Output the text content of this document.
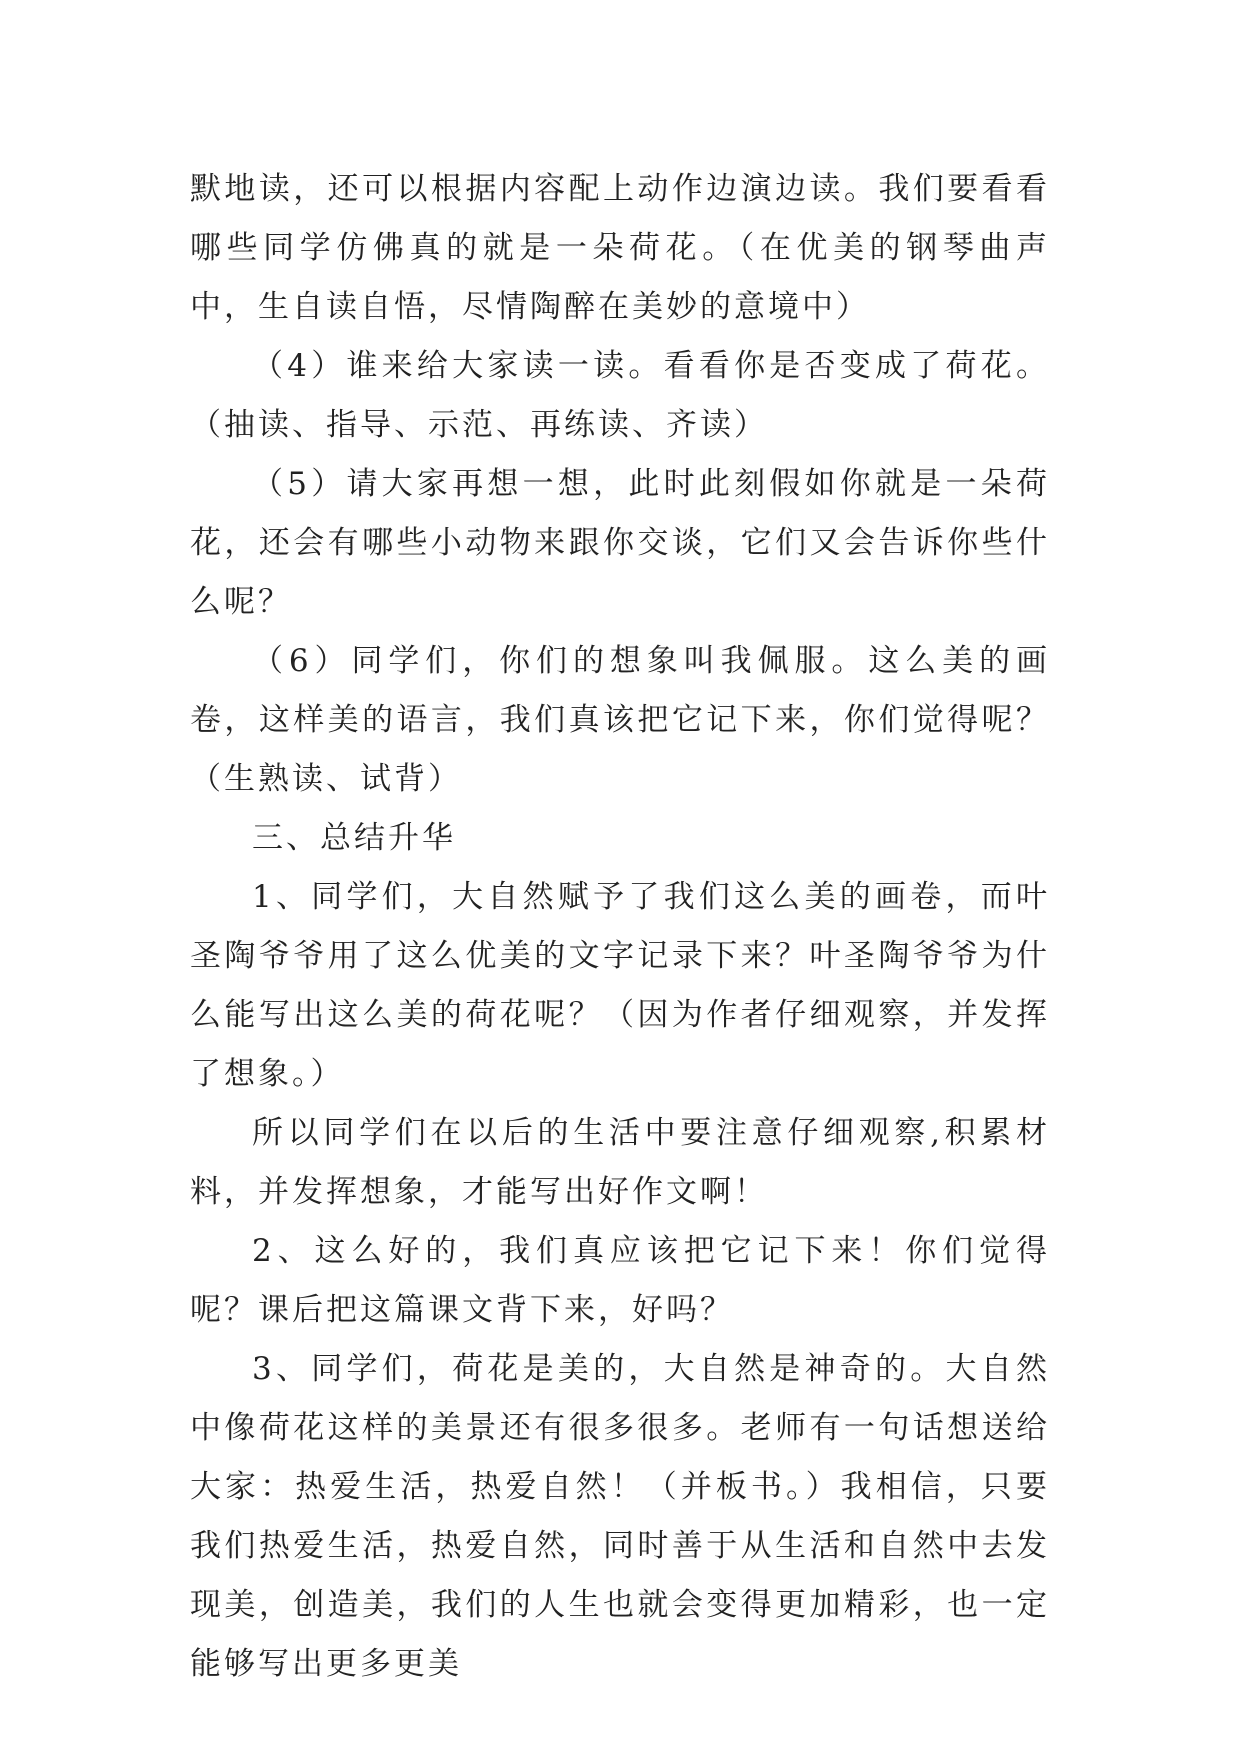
默地读，还可以根据内容配上动作边演边读。我们要看看哪些同学仿佛真的就是一朵荷花。（在优美的钢琴曲声中，生自读自悟，尽情陶醉在美妙的意境中）

（4）谁来给大家读一读。看看你是否变成了荷花。（抽读、指导、示范、再练读、齐读）

（5）请大家再想一想，此时此刻假如你就是一朵荷花，还会有哪些小动物来跟你交谈，它们又会告诉你些什么呢？

（6）同学们，你们的想象叫我佩服。这么美的画卷，这样美的语言，我们真该把它记下来，你们觉得呢？（生熟读、试背）

三、总结升华

1、同学们，大自然赋予了我们这么美的画卷，而叶圣陶爷爷用了这么优美的文字记录下来？叶圣陶爷爷为什么能写出这么美的荷花呢？（因为作者仔细观察，并发挥了想象。）

所以同学们在以后的生活中要注意仔细观察,积累材料，并发挥想象，才能写出好作文啊！

2、这么好的，我们真应该把它记下来！你们觉得呢？课后把这篇课文背下来，好吗？

3、同学们，荷花是美的，大自然是神奇的。大自然中像荷花这样的美景还有很多很多。老师有一句话想送给大家：热爱生活，热爱自然！（并板书。）我相信，只要我们热爱生活，热爱自然，同时善于从生活和自然中去发现美，创造美，我们的人生也就会变得更加精彩，也一定能够写出更多更美
